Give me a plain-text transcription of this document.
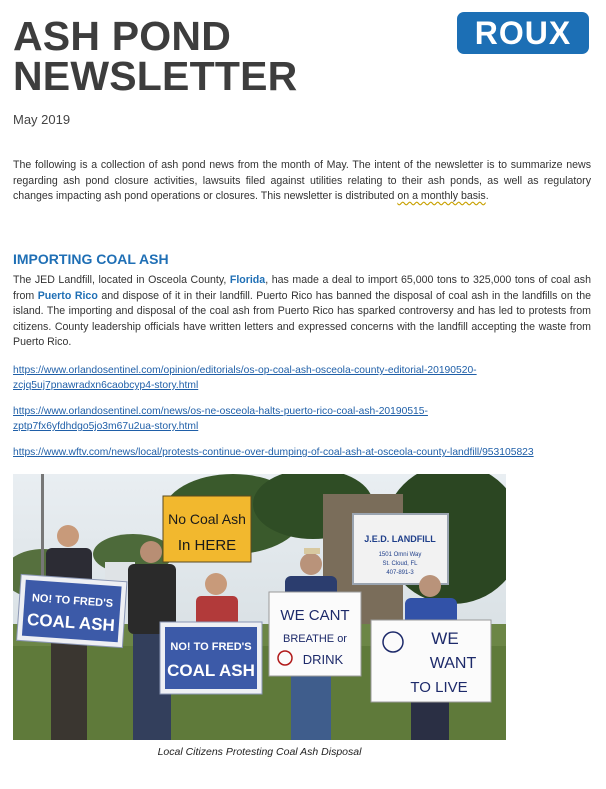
ASH POND
NEWSLETTER
ROUX
May 2019

The following is a collection of ash pond news from the month of May. The intent of the newsletter is to summarize news regarding ash pond closure activities, lawsuits filed against utilities relating to their ash ponds, as well as regulatory changes impacting ash pond operations or closures. This newsletter is distributed on a monthly basis.

IMPORTING COAL ASH

The JED Landfill, located in Osceola County, Florida, has made a deal to import 65,000 tons to 325,000 tons of coal ash from Puerto Rico and dispose of it in their landfill. Puerto Rico has banned the disposal of coal ash in the landfills on the island. The importing and disposal of the coal ash from Puerto Rico has sparked controversy and has led to protests from citizens. County leadership officials have written letters and expressed concerns with the landfill accepting the waste from Puerto Rico.

https://www.orlandosentinel.com/opinion/editorials/os-op-coal-ash-osceola-county-editorial-20190520-zcjq5uj7pnawradxn6caobcyp4-story.html
https://www.orlandosentinel.com/news/os-ne-osceola-halts-puerto-rico-coal-ash-20190515-zptp7fx6yfdhdgo5jo3m67u2ua-story.html
https://www.wftv.com/news/local/protests-continue-over-dumping-of-coal-ash-at-osceola-county-landfill/953105823
J.E.D. LANDFILL
1501 Omni Way
St. Cloud, FL
407-891-3
No Coal Ash
In HERE
NO! TO FRED'S
COAL ASH
NO! TO FRED'S
COAL ASH
WE CANT
BREATHE or
DRINK
WE
WANT
TO LIVE
Local Citizens Protesting Coal Ash Disposal
